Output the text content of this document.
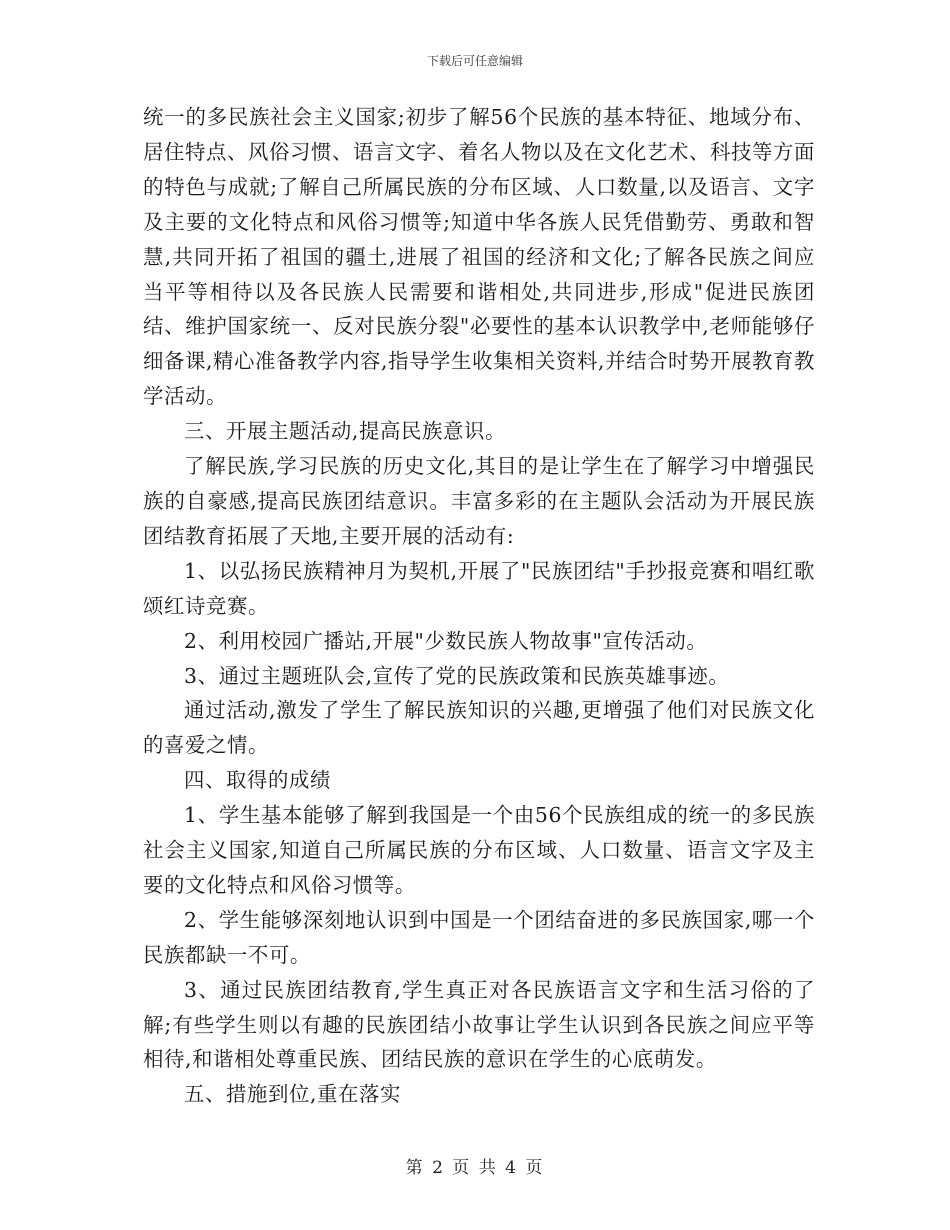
下载后可任意编辑

统一的多民族社会主义国家;初步了解56个民族的基本特征、地域分布、居住特点、风俗习惯、语言文字、着名人物以及在文化艺术、科技等方面的特色与成就;了解自己所属民族的分布区域、人口数量,以及语言、文字及主要的文化特点和风俗习惯等;知道中华各族人民凭借勤劳、勇敢和智慧,共同开拓了祖国的疆土,进展了祖国的经济和文化;了解各民族之间应当平等相待以及各民族人民需要和谐相处,共同进步,形成"促进民族团结、维护国家统一、反对民族分裂"必要性的基本认识教学中,老师能够仔细备课,精心准备教学内容,指导学生收集相关资料,并结合时势开展教育教学活动。

三、开展主题活动,提高民族意识。

了解民族,学习民族的历史文化,其目的是让学生在了解学习中增强民族的自豪感,提高民族团结意识。丰富多彩的在主题队会活动为开展民族团结教育拓展了天地,主要开展的活动有:

1、以弘扬民族精神月为契机,开展了"民族团结"手抄报竞赛和唱红歌颂红诗竞赛。

2、利用校园广播站,开展"少数民族人物故事"宣传活动。

3、通过主题班队会,宣传了党的民族政策和民族英雄事迹。

通过活动,激发了学生了解民族知识的兴趣,更增强了他们对民族文化的喜爱之情。

四、取得的成绩

1、学生基本能够了解到我国是一个由56个民族组成的统一的多民族社会主义国家,知道自己所属民族的分布区域、人口数量、语言文字及主要的文化特点和风俗习惯等。

2、学生能够深刻地认识到中国是一个团结奋进的多民族国家,哪一个民族都缺一不可。

3、通过民族团结教育,学生真正对各民族语言文字和生活习俗的了解;有些学生则以有趣的民族团结小故事让学生认识到各民族之间应平等相待,和谐相处尊重民族、团结民族的意识在学生的心底萌发。

五、措施到位,重在落实

第 2 页 共 4 页
